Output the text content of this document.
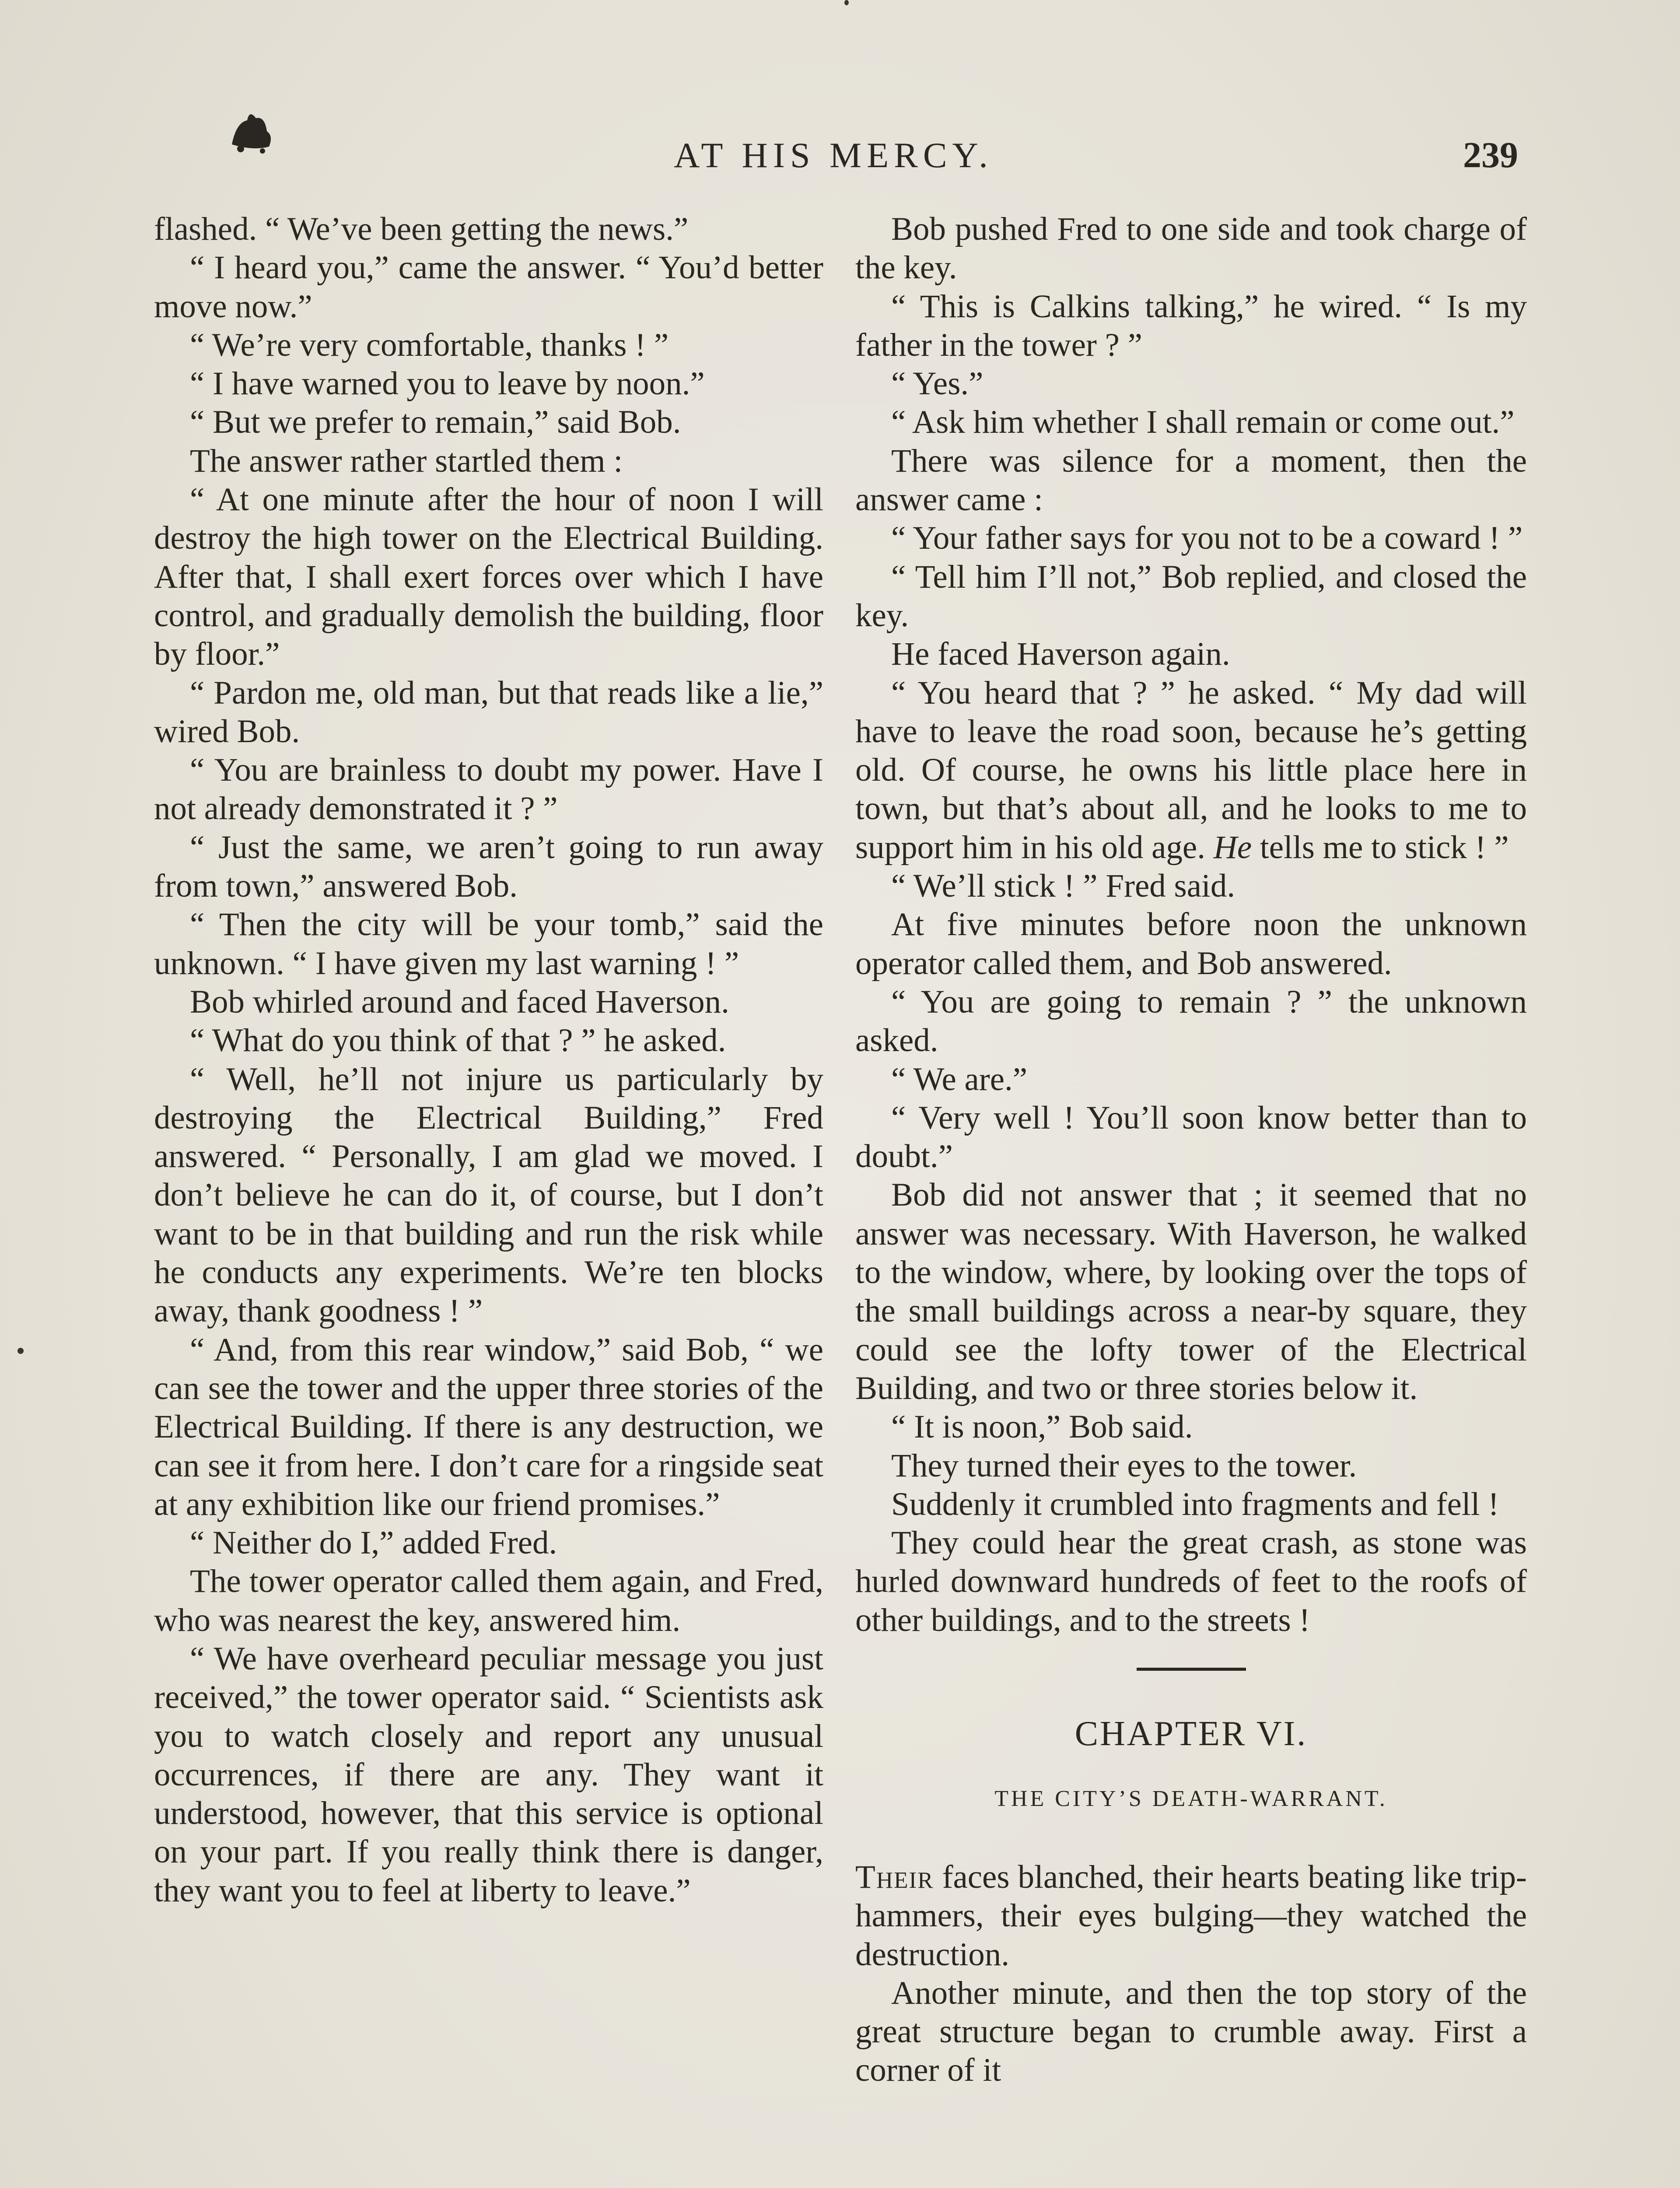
AT HIS MERCY.	239

flashed. “ We’ve been getting the news.”

“ I heard you,” came the answer. “ You’d better move now.”

“ We’re very comfortable, thanks ! ”

“ I have warned you to leave by noon.”

“ But we prefer to remain,” said Bob.

The answer rather startled them :

“ At one minute after the hour of noon I will destroy the high tower on the Electrical Building. After that, I shall exert forces over which I have control, and gradually demolish the building, floor by floor.”

“ Pardon me, old man, but that reads like a lie,” wired Bob.

“ You are brainless to doubt my power. Have I not already demonstrated it ? ”

“ Just the same, we aren’t going to run away from town,” answered Bob.

“ Then the city will be your tomb,” said the unknown. “ I have given my last warning ! ”

Bob whirled around and faced Haverson.

“ What do you think of that ? ” he asked.

“ Well, he’ll not injure us particularly by destroying the Electrical Building,” Fred answered. “ Personally, I am glad we moved. I don’t believe he can do it, of course, but I don’t want to be in that building and run the risk while he conducts any experiments. We’re ten blocks away, thank goodness ! ”

“ And, from this rear window,” said Bob, “ we can see the tower and the upper three stories of the Electrical Building. If there is any destruction, we can see it from here. I don’t care for a ringside seat at any exhibition like our friend promises.”

“ Neither do I,” added Fred.

The tower operator called them again, and Fred, who was nearest the key, answered him.

“ We have overheard peculiar message you just received,” the tower operator said. “ Scientists ask you to watch closely and report any unusual occurrences, if there are any. They want it understood, however, that this service is optional on your part. If you really think there is danger, they want you to feel at liberty to leave.”

Bob pushed Fred to one side and took charge of the key.

“ This is Calkins talking,” he wired. “ Is my father in the tower ? ”

“ Yes.”

“ Ask him whether I shall remain or come out.”

There was silence for a moment, then the answer came :

“ Your father says for you not to be a coward ! ”

“ Tell him I’ll not,” Bob replied, and closed the key.

He faced Haverson again.

“ You heard that ? ” he asked. “ My dad will have to leave the road soon, because he’s getting old. Of course, he owns his little place here in town, but that’s about all, and he looks to me to support him in his old age. He tells me to stick ! ”

“ We’ll stick ! ” Fred said.

At five minutes before noon the unknown operator called them, and Bob answered.

“ You are going to remain ? ” the unknown asked.

“ We are.”

“ Very well ! You’ll soon know better than to doubt.”

Bob did not answer that ; it seemed that no answer was necessary. With Haverson, he walked to the window, where, by looking over the tops of the small buildings across a near-by square, they could see the lofty tower of the Electrical Building, and two or three stories below it.

“ It is noon,” Bob said.

They turned their eyes to the tower.

Suddenly it crumbled into fragments and fell !

They could hear the great crash, as stone was hurled downward hundreds of feet to the roofs of other buildings, and to the streets !

CHAPTER VI.
THE CITY’S DEATH-WARRANT.

Their faces blanched, their hearts beating like trip-hammers, their eyes bulging—they watched the destruction.

Another minute, and then the top story of the great structure began to crumble away. First a corner of it
